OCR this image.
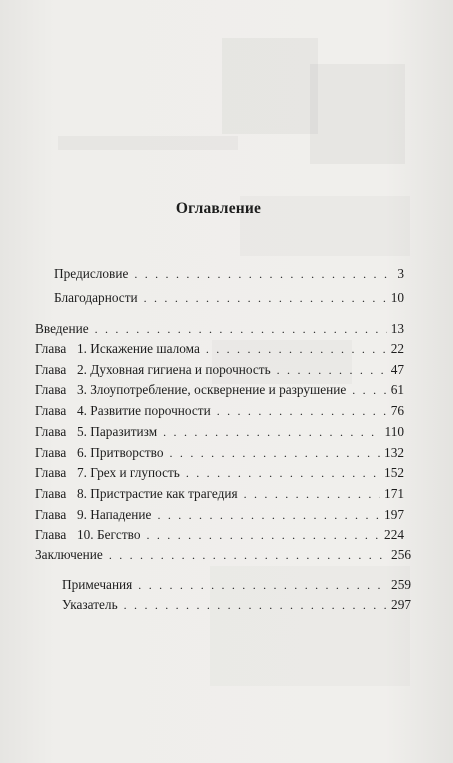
Оглавление
Предисловие . . .	3
Благодарности . . .	10
Введение . . .	13
Глава 1. Искажение шалома . . .	22
Глава 2. Духовная гигиена и порочность . . .	47
Глава 3. Злоупотребление, осквернение и разрушение . . .	61
Глава 4. Развитие порочности . . .	76
Глава 5. Паразитизм . . .	110
Глава 6. Притворство . . .	132
Глава 7. Грех и глупость . . .	152
Глава 8. Пристрастие как трагедия . . .	171
Глава 9. Нападение . . .	197
Глава 10. Бегство . . .	224
Заключение . . .	256
Примечания . . .	259
Указатель . . .	297
